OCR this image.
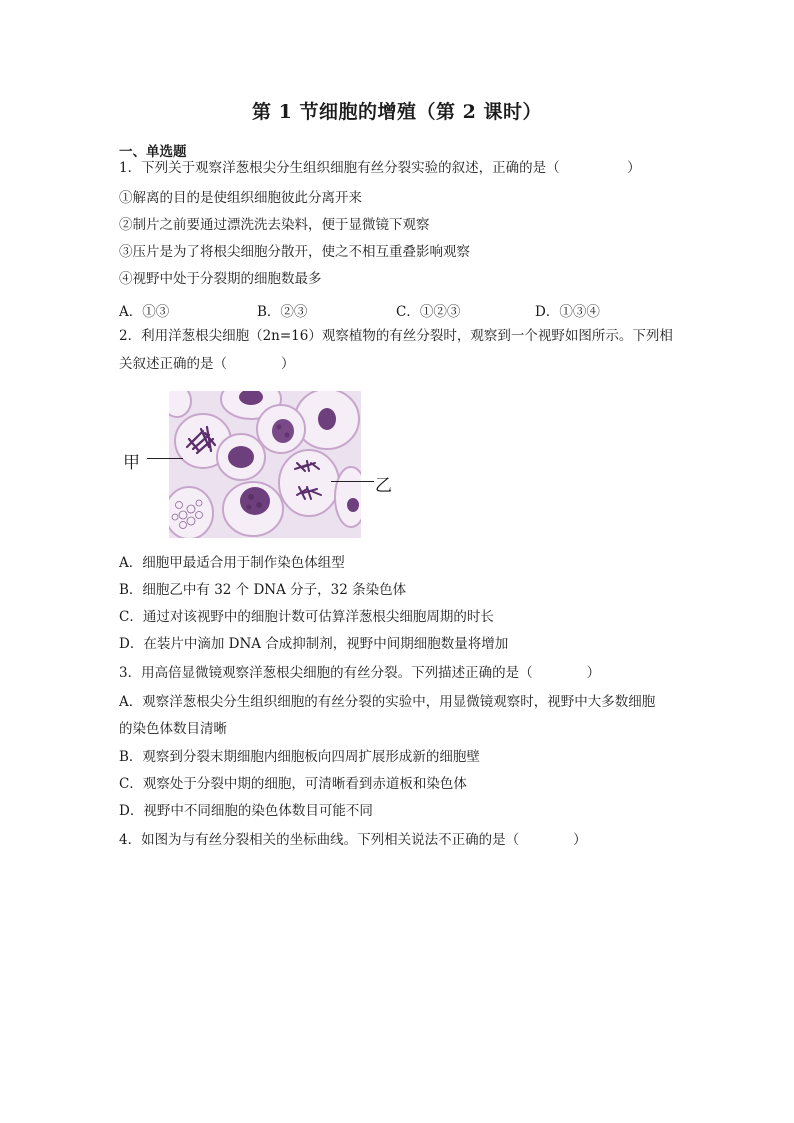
第 1 节细胞的增殖（第 2 课时）
一、单选题
1．下列关于观察洋葱根尖分生组织细胞有丝分裂实验的叙述，正确的是（　　　　　）
①解离的目的是使组织细胞彼此分离开来
②制片之前要通过漂洗洗去染料，便于显微镜下观察
③压片是为了将根尖细胞分散开，使之不相互重叠影响观察
④视野中处于分裂期的细胞数最多
A．①③	B．②③	C．①②③	D．①③④
2．利用洋葱根尖细胞（2n=16）观察植物的有丝分裂时，观察到一个视野如图所示。下列相
关叙述正确的是（　　　　）
甲
乙
A．细胞甲最适合用于制作染色体组型
B．细胞乙中有 32 个 DNA 分子，32 条染色体
C．通过对该视野中的细胞计数可估算洋葱根尖细胞周期的时长
D．在装片中滴加 DNA 合成抑制剂，视野中间期细胞数量将增加
3．用高倍显微镜观察洋葱根尖细胞的有丝分裂。下列描述正确的是（　　　　）
A．观察洋葱根尖分生组织细胞的有丝分裂的实验中，用显微镜观察时，视野中大多数细胞
的染色体数目清晰
B．观察到分裂末期细胞内细胞板向四周扩展形成新的细胞壁
C．观察处于分裂中期的细胞，可清晰看到赤道板和染色体
D．视野中不同细胞的染色体数目可能不同
4．如图为与有丝分裂相关的坐标曲线。下列相关说法不正确的是（　　　　）
